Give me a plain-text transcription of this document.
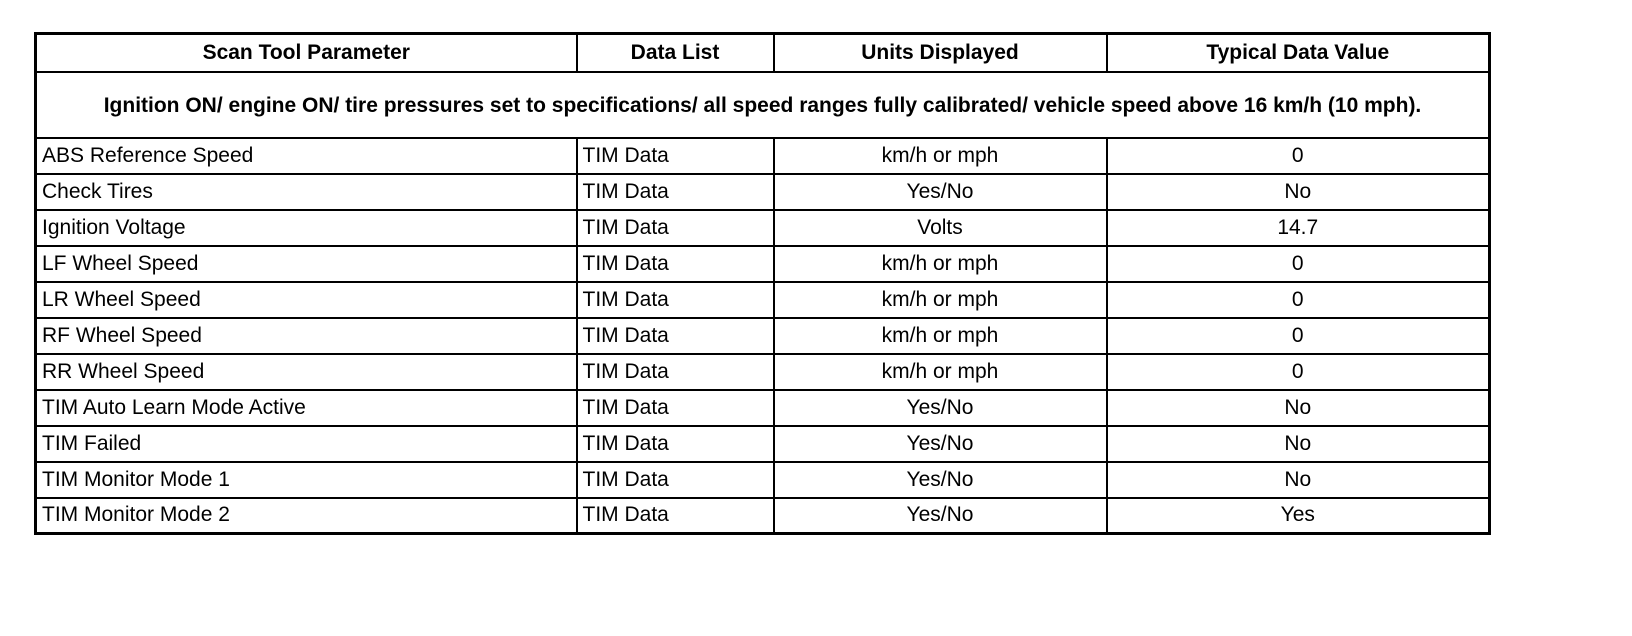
Scan Tool Parameter	Data List	Units Displayed	Typical Data Value
Ignition ON/ engine ON/ tire pressures set to specifications/ all speed ranges fully calibrated/ vehicle speed above 16 km/h (10 mph).			
ABS Reference Speed	TIM Data	km/h or mph	0
Check Tires	TIM Data	Yes/No	No
Ignition Voltage	TIM Data	Volts	14.7
LF Wheel Speed	TIM Data	km/h or mph	0
LR Wheel Speed	TIM Data	km/h or mph	0
RF Wheel Speed	TIM Data	km/h or mph	0
RR Wheel Speed	TIM Data	km/h or mph	0
TIM Auto Learn Mode Active	TIM Data	Yes/No	No
TIM Failed	TIM Data	Yes/No	No
TIM Monitor Mode 1	TIM Data	Yes/No	No
TIM Monitor Mode 2	TIM Data	Yes/No	Yes
